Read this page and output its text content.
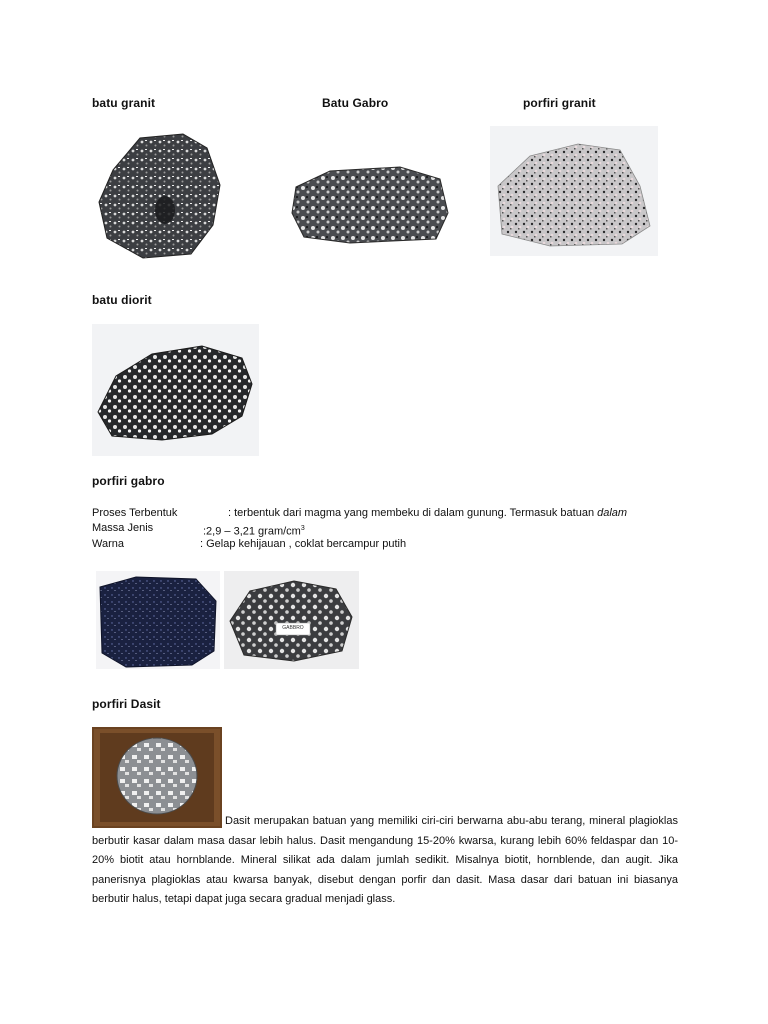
batu granit	Batu Gabro	porfiri granit
batu diorit
porfiri gabro
porfiri Dasit
Proses Terbentuk	: terbentuk dari magma yang membeku di dalam gunung. Termasuk batuan dalam
Massa Jenis	:2,9 – 3,21 gram/$cm^3$
Warna	: Gelap kehijauan , coklat bercampur putih
GABBRO
Dasit merupakan batuan yang memiliki ciri-ciri berwarna abu-abu terang, mineral plagioklas berbutir kasar dalam masa dasar lebih halus. Dasit mengandung 15-20% kwarsa, kurang lebih 60% feldaspar dan 10-20% biotit atau hornblande. Mineral silikat ada dalam jumlah sedikit. Misalnya biotit, hornblende, dan augit. Jika panerisnya plagioklas atau kwarsa banyak, disebut dengan porfir dan dasit. Masa dasar dari batuan ini biasanya berbutir halus, tetapi dapat juga secara gradual menjadi glass.
